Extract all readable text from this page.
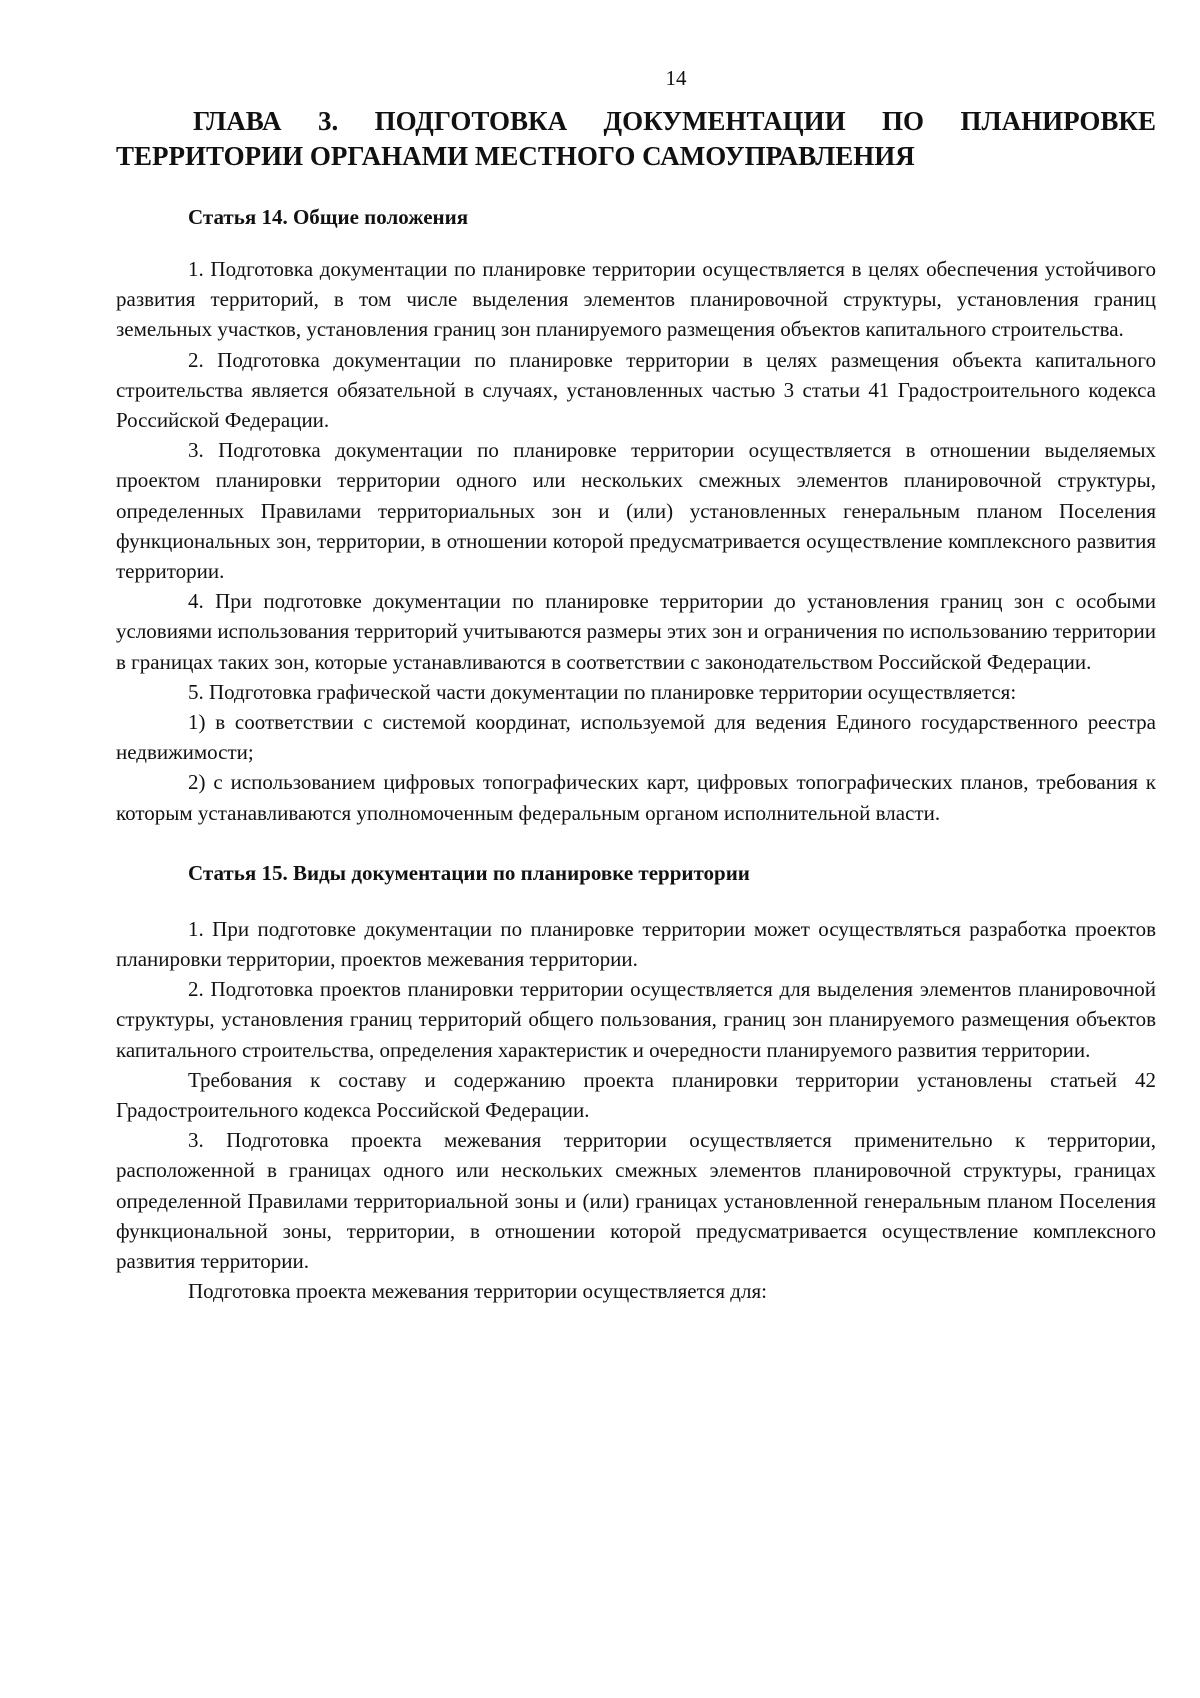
14
ГЛАВА 3. ПОДГОТОВКА ДОКУМЕНТАЦИИ ПО ПЛАНИРОВКЕ
ТЕРРИТОРИИ ОРГАНАМИ МЕСТНОГО САМОУПРАВЛЕНИЯ
Статья 14. Общие положения

1. Подготовка документации по планировке территории осуществляется в целях обеспечения устойчивого развития территорий, в том числе выделения элементов планировочной структуры, установления границ земельных участков, установления границ зон планируемого размещения объектов капитального строительства.

2. Подготовка документации по планировке территории в целях размещения объекта капитального строительства является обязательной в случаях, установленных частью 3 статьи 41 Градостроительного кодекса Российской Федерации.

3. Подготовка документации по планировке территории осуществляется в отношении выделяемых проектом планировки территории одного или нескольких смежных элементов планировочной структуры, определенных Правилами территориальных зон и (или) установленных генеральным планом Поселения функциональных зон, территории, в отношении которой предусматривается осуществление комплексного развития территории.

4. При подготовке документации по планировке территории до установления границ зон с особыми условиями использования территорий учитываются размеры этих зон и ограничения по использованию территории в границах таких зон, которые устанавливаются в соответствии с законодательством Российской Федерации.

5. Подготовка графической части документации по планировке территории осуществляется:

1) в соответствии с системой координат, используемой для ведения Единого государственного реестра недвижимости;

2) с использованием цифровых топографических карт, цифровых топографических планов, требования к которым устанавливаются уполномоченным федеральным органом исполнительной власти.

Статья 15. Виды документации по планировке территории

1. При подготовке документации по планировке территории может осуществляться разработка проектов планировки территории, проектов межевания территории.

2. Подготовка проектов планировки территории осуществляется для выделения элементов планировочной структуры, установления границ территорий общего пользования, границ зон планируемого размещения объектов капитального строительства, определения характеристик и очередности планируемого развития территории.

Требования к составу и содержанию проекта планировки территории установлены статьей 42 Градостроительного кодекса Российской Федерации.

3. Подготовка проекта межевания территории осуществляется применительно к территории, расположенной в границах одного или нескольких смежных элементов планировочной структуры, границах определенной Правилами территориальной зоны и (или) границах установленной генеральным планом Поселения функциональной зоны, территории, в отношении которой предусматривается осуществление комплексного развития территории.

Подготовка проекта межевания территории осуществляется для:
